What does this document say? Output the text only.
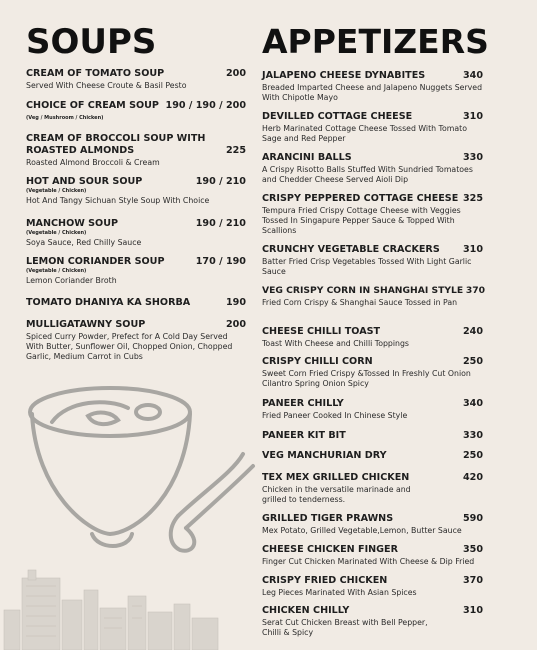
SOUPS
CREAM OF TOMATO SOUP	200
Served With Cheese Croute & Basil Pesto
CHOICE OF CREAM SOUP 190 / 190 / 200
(Veg / Mushroom / Chicken)
CREAM OF BROCCOLI SOUP WITH ROASTED ALMONDS	225
Roasted Almond Broccoli & Cream
HOT AND SOUR SOUP	190 / 210
(Vegetable / Chicken)
Hot And Tangy Sichuan Style Soup With Choice
MANCHOW SOUP	190 / 210
(Vegetable / Chicken)
Soya Sauce, Red Chilly Sauce
LEMON CORIANDER SOUP	170 / 190
(Vegetable / Chicken)
Lemon Coriander Broth
TOMATO DHANIYA KA SHORBA	190
MULLIGATAWNY SOUP	200
Spiced Curry Powder, Prefect for A Cold Day Served With Butter, Sunflower Oil, Chopped Onion, Chopped Garlic, Medium Carrot in Cubs
APPETIZERS
JALAPENO CHEESE DYNABITES	340
Breaded Imparted Cheese and Jalapeno Nuggets Served With Chipotle Mayo
DEVILLED COTTAGE CHEESE	310
Herb Marinated Cottage Cheese Tossed With Tomato Sage and Red Pepper
ARANCINI BALLS	330
A Crispy Risotto Balls Stuffed With Sundried Tomatoes and Chedder Cheese Served Aioli Dip
CRISPY PEPPERED COTTAGE CHEESE 325
Tempura Fried Crispy Cottage Cheese with Veggies Tossed In Singapure Pepper Sauce & Topped With Scallions
CRUNCHY VEGETABLE CRACKERS	310
Batter Fried Crisp Vegetables Tossed With Light Garlic Sauce
VEG CRISPY CORN IN SHANGHAI STYLE 370
Fried Corn Crispy & Shanghai Sauce Tossed in Pan
CHEESE CHILLI TOAST	240
Toast With Cheese and Chilli Toppings
CRISPY CHILLI CORN	250
Sweet Corn Fried Crispy &Tossed In Freshly Cut Onion Cilantro Spring Onion Spicy
PANEER CHILLY	340
Fried Paneer Cooked In Chinese Style
PANEER KIT BIT	330
VEG MANCHURIAN DRY	250
TEX MEX GRILLED CHICKEN	420
Chicken in the versatile marinade and grilled to tenderness.
GRILLED TIGER PRAWNS	590
Mex Potato, Grilled Vegetable,Lemon, Butter Sauce
CHEESE CHICKEN FINGER	350
Finger Cut Chicken Marinated With Cheese & Dip Fried
CRISPY FRIED CHICKEN	370
Leg Pieces Marinated With Asian Spices
CHICKEN CHILLY	310
Serat Cut Chicken Breast with Bell Pepper, Chilli & Spicy
